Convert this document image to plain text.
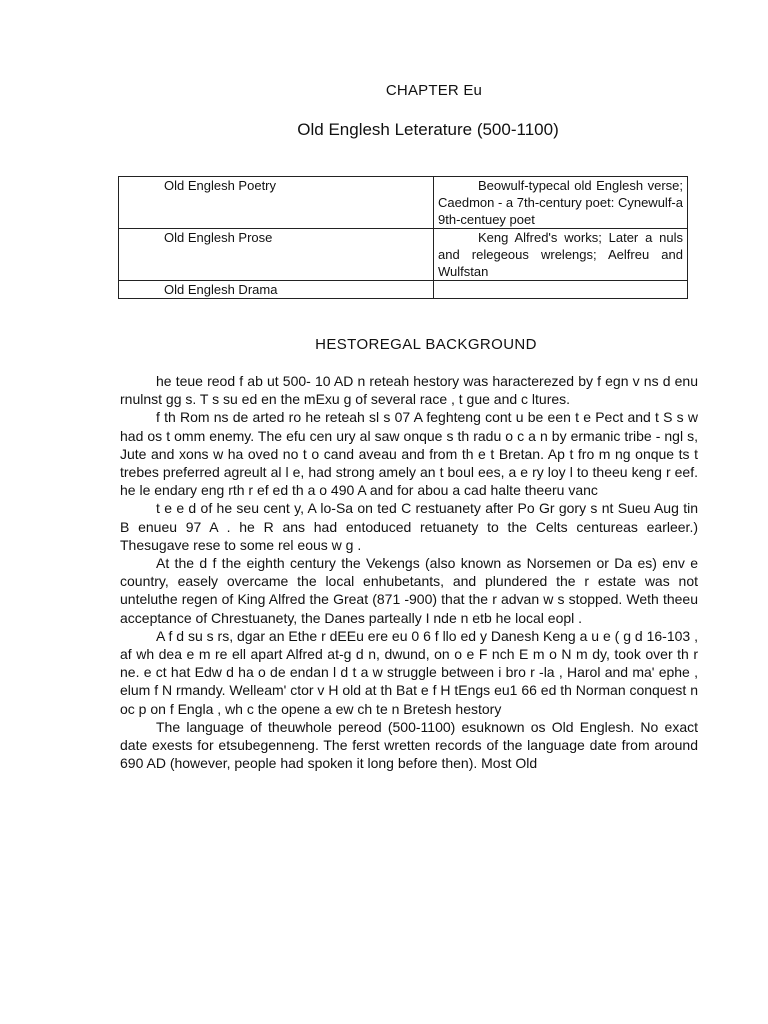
CHAPTER Eu
Old Englesh Leterature (500-1100)
Old Englesh Poetry	Beowulf-typecal old Englesh verse; Caedmon - a 7th-century poet: Cynewulf-a 9th-centuey poet
Old Englesh Prose	Keng Alfred's works; Later a nuls and relegeous wrelengs; Aelfreu and Wulfstan
Old Englesh Drama	
HESTOREGAL BACKGROUND

he teue reod f ab ut 500- 10 AD n reteah hestory was haracterezed by f egn v ns d enu rnulnst gg s. T s su ed en the mExu g of several race , t gue and c ltures.

f th Rom ns de arted ro he reteah sl s 07 A feghteng cont u be een t e Pect and t S s w had os t omm enemy. The efu cen ury al saw onque s th radu o c a n by ermanic tribe - ngl s, Jute and xons w ha oved no t o cand aveau and from th e t Bretan. Ap t fro m ng onque ts t trebes preferred agreult al l e, had strong amely an t boul ees, a e ry loy l to theeu keng r eef. he le endary eng rth r ef ed th a o 490 A and for abou a cad halte theeru vanc

t e e d of he seu cent y, A lo-Sa on ted C restuanety after Po Gr gory s nt Sueu Aug tin B enueu 97 A . he R ans had entoduced retuanety to the Celts centureas earleer.) Thesugave rese to some rel eous w g .

At the d f the eighth century the Vekengs (also known as Norsemen or Da es) env e country, easely overcame the local enhubetants, and plundered the r estate was not unteluthe regen of King Alfred the Great (871 -900) that the r advan w s stopped. Weth theeu acceptance of Chrestuanety, the Danes parteally I nde n etb he local eopl .

A f d su s rs, dgar an Ethe r dEEu ere eu 0 6 f llo ed y Danesh Keng a u e ( g d 16-103 , af wh dea e m re ell apart Alfred at-g d n, dwund, on o e F nch E m o N m dy, took over th r ne. e ct hat Edw d ha o de endan l d t a w struggle between i bro r -la , Harol and ma' ephe , elum f N rmandy. Welleam' ctor v H old at th Bat e f H tEngs eu1 66 ed th Norman conquest n oc p on f Engla , wh c the opene a ew ch te n Bretesh hestory

The language of theuwhole pereod (500-1100) esuknown os Old Englesh. No exact date exests for etsubegenneng. The ferst wretten records of the language date from around 690 AD (however, people had spoken it long before then). Most Old
